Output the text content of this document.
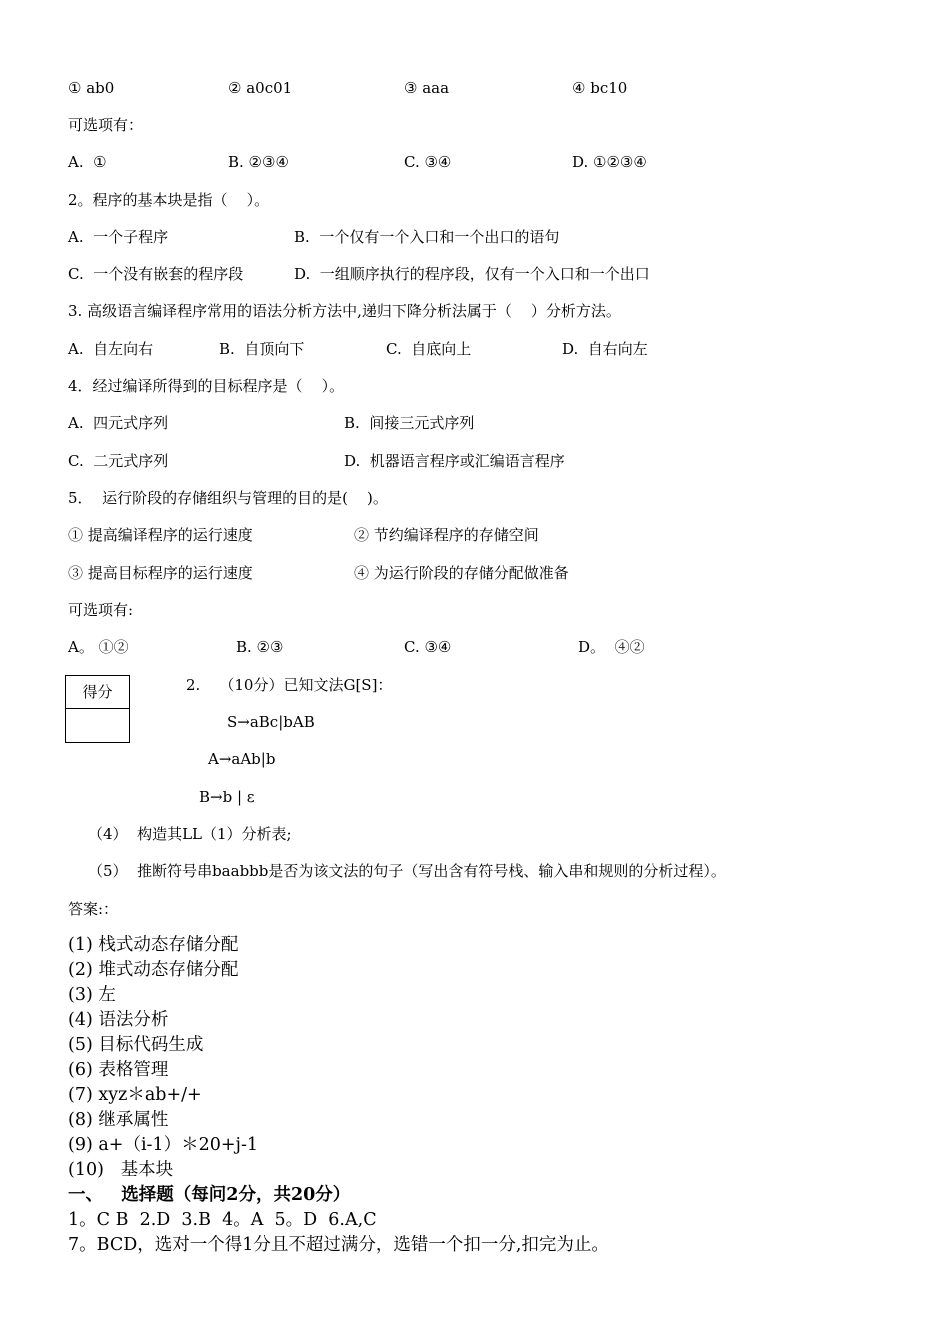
① ab0	② a0c01	③ aaa	④ bc10
可选项有：
A.  ①	B. ②③④	C. ③④	D. ①②③④
2。程序的基本块是指（    ）。
A.  一个子程序	B.  一个仅有一个入口和一个出口的语句
C.  一个没有嵌套的程序段	D.  一组顺序执行的程序段，仅有一个入口和一个出口
3. 高级语言编译程序常用的语法分析方法中,递归下降分析法属于（    ）分析方法。
A.  自左向右	B.  自顶向下	C.  自底向上	D.  自右向左
4．经过编译所得到的目标程序是（    ）。
A.  四元式序列	B.  间接三元式序列
C.  二元式序列	D.  机器语言程序或汇编语言程序
5．  运行阶段的存储组织与管理的目的是(    )。
① 提高编译程序的运行速度	② 节约编译程序的存储空间
③ 提高目标程序的运行速度	④ 为运行阶段的存储分配做准备
可选项有:
A。 ①②	B. ②③	C. ③④	D。  ④②
得分	2.    （10分）已知文法G[S]：
S→aBc|bAB
A→aAb|b
B→b | ε
（4）  构造其LL（1）分析表;
（5）  推断符号串baabbb是否为该文法的句子（写出含有符号栈、输入串和规则的分析过程）。
答案:：
(1) 栈式动态存储分配
(2) 堆式动态存储分配
(3) 左
(4) 语法分析
(5) 目标代码生成
(6) 表格管理
(7) xyz＊ab+/+
(8) 继承属性
(9) a+（i-1）＊20+j-1
(10)   基本块
一、   选择题（每问2分，共20分）
1。C B  2.D  3.B  4。A  5。D  6.A,C
7。BCD，选对一个得1分且不超过满分，选错一个扣一分,扣完为止。
